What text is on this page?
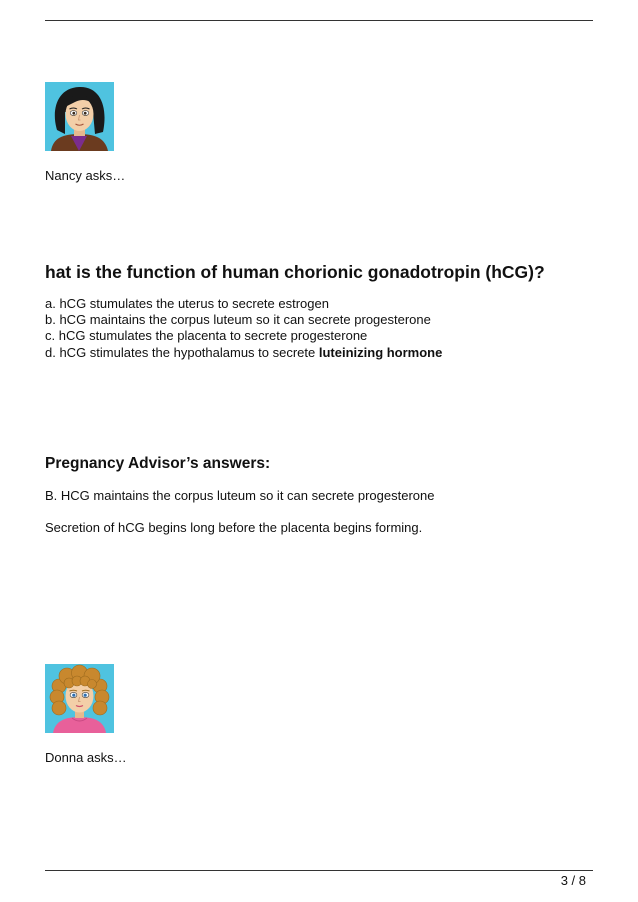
Nancy asks…
hat is the function of human chorionic gonadotropin (hCG)?
a. hCG stumulates the uterus to secrete estrogen
b. hCG maintains the corpus luteum so it can secrete progesterone
c. hCG stumulates the placenta to secrete progesterone
d. hCG stimulates the hypothalamus to secrete luteinizing hormone
Pregnancy Advisor’s answers:
B. HCG maintains the corpus luteum so it can secrete progesterone
Secretion of hCG begins long before the placenta begins forming.
Donna asks…
3 / 8
